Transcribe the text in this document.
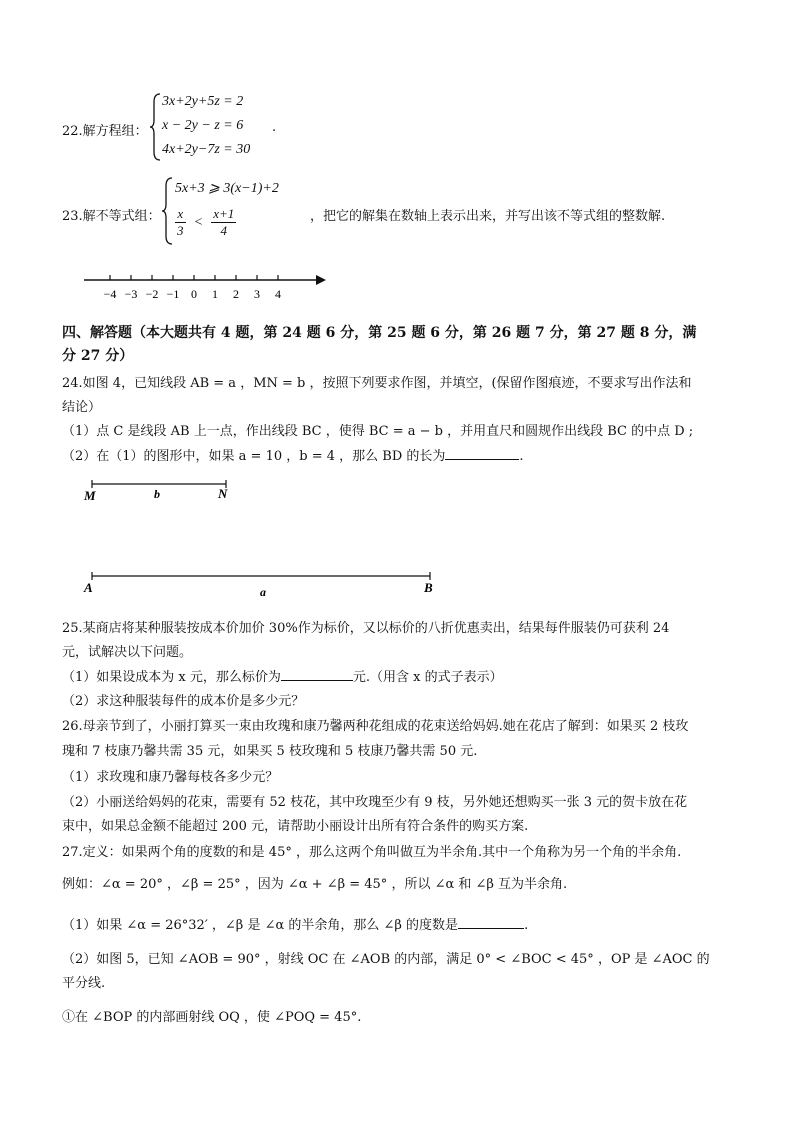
22.解方程组：
3x+2y+5z = 2
x − 2y − z = 6
4x+2y−7z = 30
.
23.解不等式组：
5x+3 ⩾ 3(x−1)+2
$\frac{x}{3} < \frac{x+1}{4}$	，把它的解集在数轴上表示出来，并写出该不等式组的整数解.
−4 −3 −2 −1 0 1 2 3 4
四、解答题（本大题共有 4 题，第 24 题 6 分，第 25 题 6 分，第 26 题 7 分，第 27 题 8 分，满
分 27 分）
24.如图 4，已知线段 AB = a ，MN = b ，按照下列要求作图，并填空，(保留作图痕迹，不要求写出作法和
结论）
（1）点 C 是线段 AB 上一点，作出线段 BC ，使得 BC = a − b ，并用直尺和圆规作出线段 BC 的中点 D ;
（2）在（1）的图形中，如果 a = 10 ，b = 4 ，那么 BD 的长为	.
M	b	N
A	a	B
25.某商店将某种服装按成本价加价 30%作为标价，又以标价的八折优惠卖出，结果每件服装仍可获利 24
元，试解决以下问题。
（1）如果设成本为 x 元，那么标价为	元.（用含 x 的式子表示）
（2）求这种服装每件的成本价是多少元？
26.母亲节到了，小丽打算买一束由玫瑰和康乃馨两种花组成的花束送给妈妈.她在花店了解到：如果买 2 枝玫
瑰和 7 枝康乃馨共需 35 元，如果买 5 枝玫瑰和 5 枝康乃馨共需 50 元.
（1）求玫瑰和康乃馨每枝各多少元？
（2）小丽送给妈妈的花束，需要有 52 枝花，其中玫瑰至少有 9 枝，另外她还想购买一张 3 元的贺卡放在花
束中，如果总金额不能超过 200 元，请帮助小丽设计出所有符合条件的购买方案.
27.定义：如果两个角的度数的和是 45° ，那么这两个角叫做互为半余角.其中一个角称为另一个角的半余角.
例如：∠α = 20° ，∠β = 25° ，因为 ∠α + ∠β = 45° ，所以 ∠α 和 ∠β 互为半余角.
（1）如果 ∠α = 26°32′ ，∠β 是 ∠α 的半余角，那么 ∠β 的度数是	.
（2）如图 5，已知 ∠AOB = 90° ，射线 OC 在 ∠AOB 的内部，满足 0° < ∠BOC < 45° ，OP 是 ∠AOC 的
平分线.
①在 ∠BOP 的内部画射线 OQ ，使 ∠POQ = 45°.
